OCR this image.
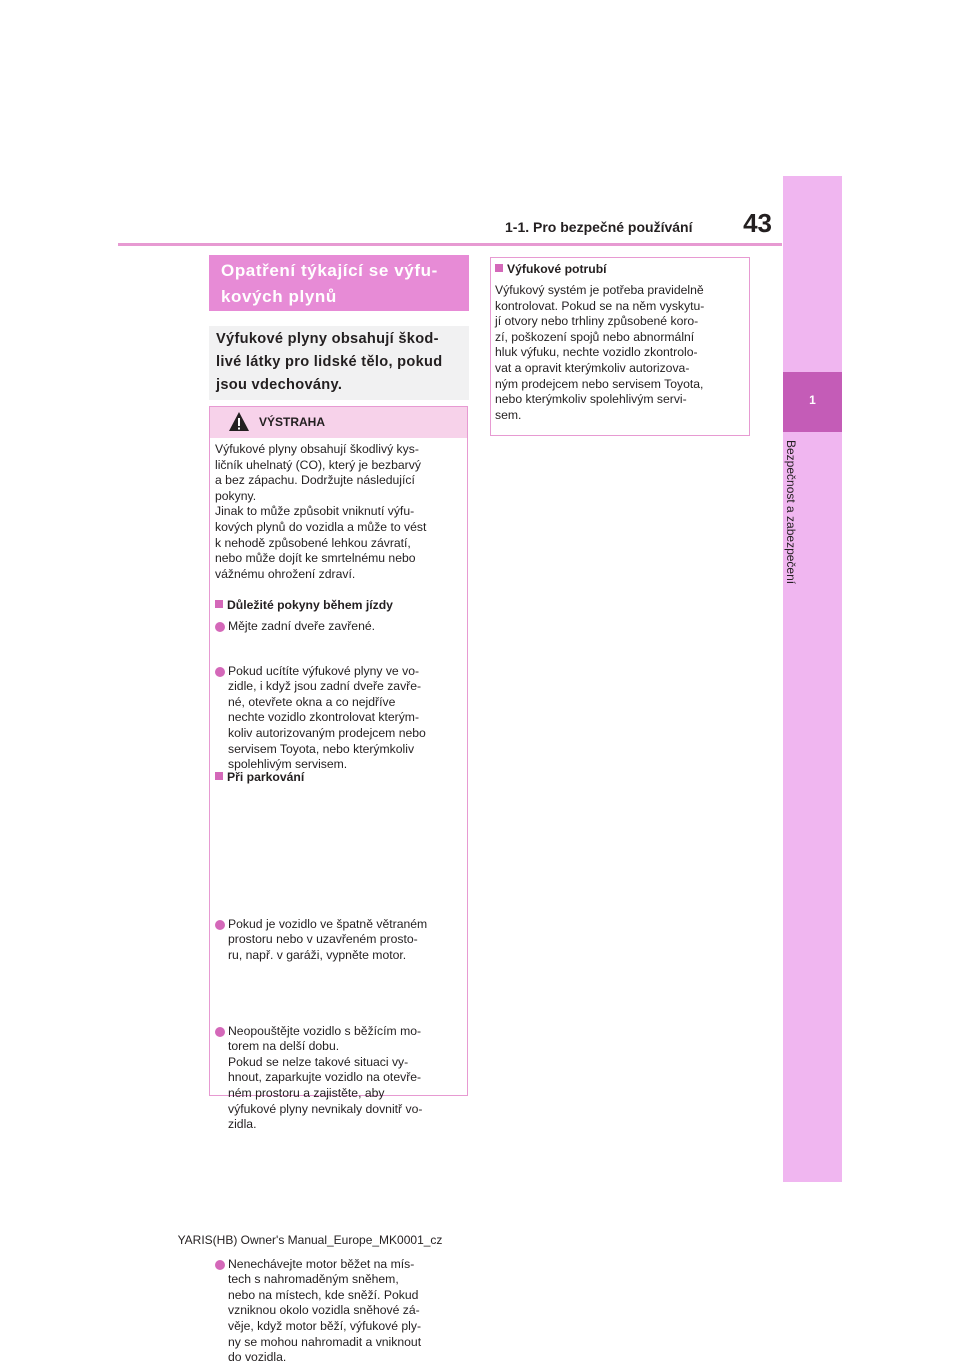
43
1-1. Pro bezpečné používání
1
Bezpečnost a zabezpečení
Opatření týkající se výfu-
kových plynů
Výfukové plyny obsahují škod-
livé látky pro lidské tělo, pokud
jsou vdechovány.
VÝSTRAHA
Výfukové plyny obsahují škodlivý kys-
ličník uhelnatý (CO), který je bezbarvý
a bez zápachu. Dodržujte následující
pokyny.
Jinak to může způsobit vniknutí výfu-
kových plynů do vozidla a může to vést
k nehodě způsobené lehkou závratí,
nebo může dojít ke smrtelnému nebo
vážnému ohrožení zdraví.
Důležité pokyny během jízdy
Mějte zadní dveře zavřené.
Pokud ucítíte výfukové plyny ve vo-
zidle, i když jsou zadní dveře zavře-
né, otevřete okna a co nejdříve
nechte vozidlo zkontrolovat kterým-
koliv autorizovaným prodejcem nebo
servisem Toyota, nebo kterýmkoliv
spolehlivým servisem.
Při parkování
Pokud je vozidlo ve špatně větraném
prostoru nebo v uzavřeném prosto-
ru, např. v garáži, vypněte motor.
Neopouštějte vozidlo s běžícím mo-
torem na delší dobu.
Pokud se nelze takové situaci vy-
hnout, zaparkujte vozidlo na otevře-
ném prostoru a zajistěte, aby
výfukové plyny nevnikaly dovnitř vo-
zidla.
Nenechávejte motor běžet na mís-
tech s nahromaděným sněhem,
nebo na místech, kde sněží. Pokud
vzniknou okolo vozidla sněhové zá-
věje, když motor běží, výfukové ply-
ny se mohou nahromadit a vniknout
do vozidla.
Výfukové potrubí
Výfukový systém je potřeba pravidelně
kontrolovat. Pokud se na něm vyskytu-
jí otvory nebo trhliny způsobené koro-
zí, poškození spojů nebo abnormální
hluk výfuku, nechte vozidlo zkontrolo-
vat a opravit kterýmkoliv autorizova-
ným prodejcem nebo servisem Toyota,
nebo kterýmkoliv spolehlivým servi-
sem.
YARIS(HB) Owner's Manual_Europe_MK0001_cz
